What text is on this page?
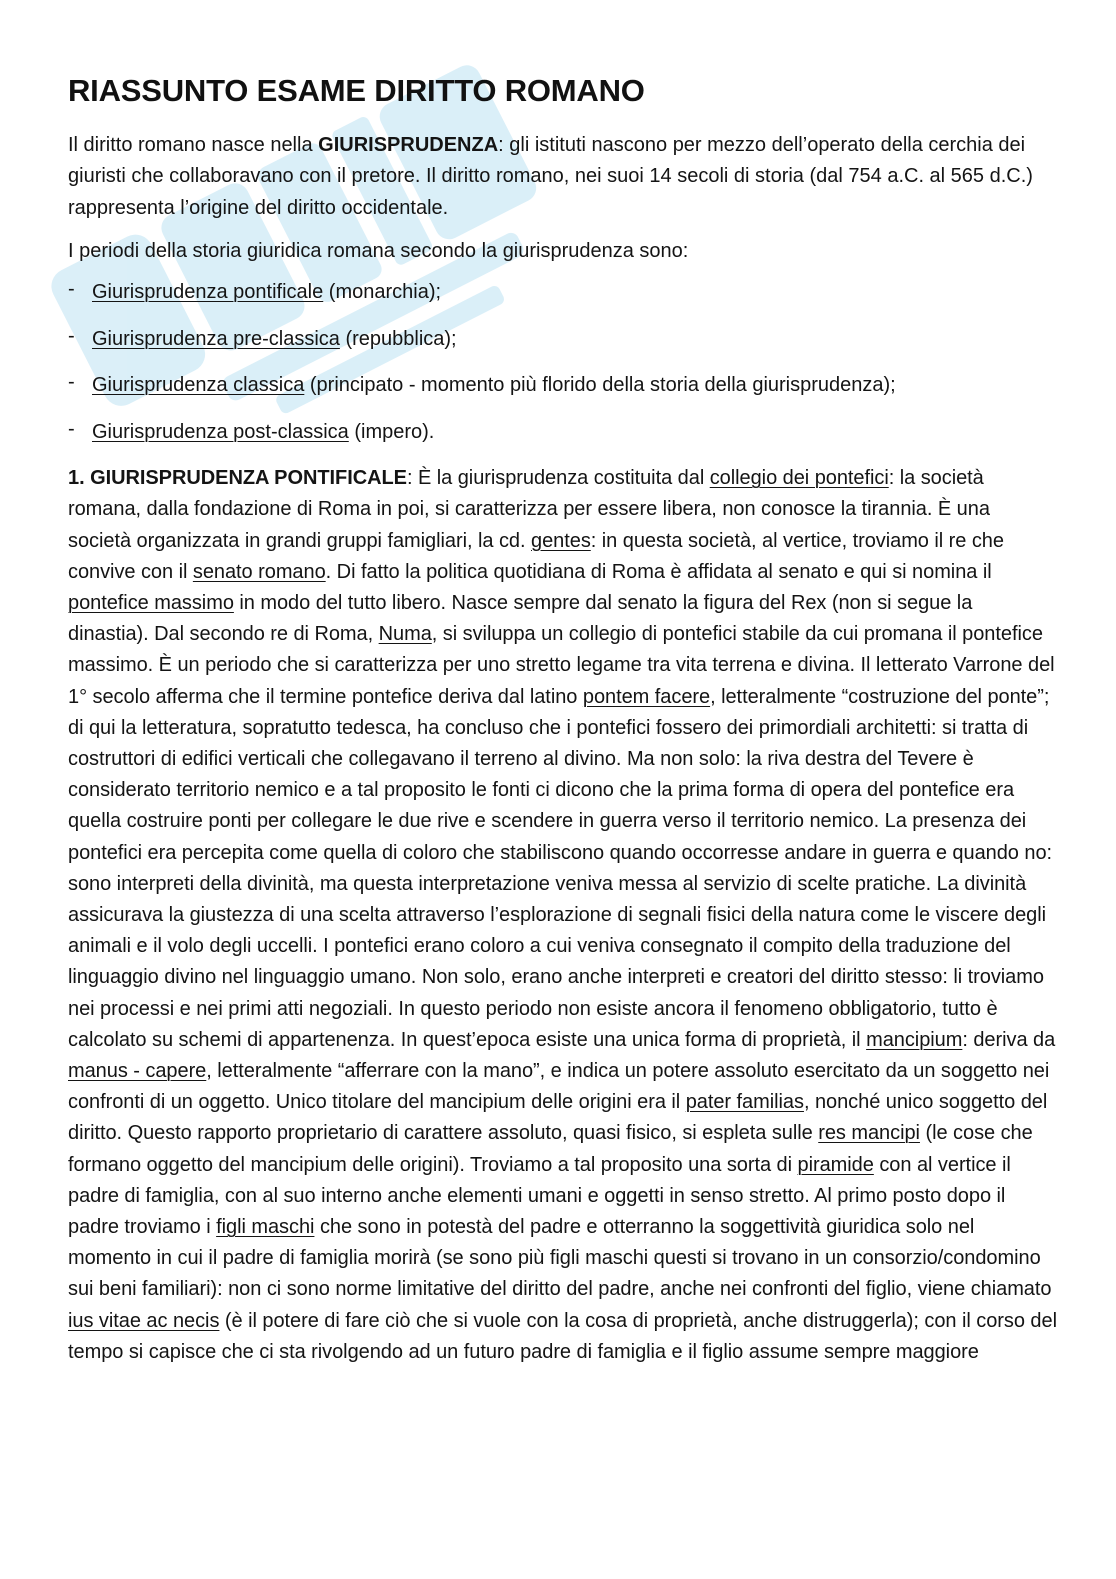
RIASSUNTO ESAME DIRITTO ROMANO

Il diritto romano nasce nella GIURISPRUDENZA: gli istituti nascono per mezzo dell’operato della cerchia dei giuristi che collaboravano con il pretore. Il diritto romano, nei suoi 14 secoli di storia (dal 754 a.C. al 565 d.C.) rappresenta l’origine del diritto occidentale.

I periodi della storia giuridica romana secondo la giurisprudenza sono:

- Giurisprudenza pontificale (monarchia);
- Giurisprudenza pre-classica (repubblica);
- Giurisprudenza classica (principato - momento più florido della storia della giurisprudenza);
- Giurisprudenza post-classica (impero).

1. GIURISPRUDENZA PONTIFICALE: È la giurisprudenza costituita dal collegio dei pontefici: la società romana, dalla fondazione di Roma in poi, si caratterizza per essere libera, non conosce la tirannia. È una società organizzata in grandi gruppi famigliari, la cd. gentes: in questa società, al vertice, troviamo il re che convive con il senato romano. Di fatto la politica quotidiana di Roma è affidata al senato e qui si nomina il pontefice massimo in modo del tutto libero. Nasce sempre dal senato la figura del Rex (non si segue la dinastia). Dal secondo re di Roma, Numa, si sviluppa un collegio di pontefici stabile da cui promana il pontefice massimo. È un periodo che si caratterizza per uno stretto legame tra vita terrena e divina. Il letterato Varrone del 1° secolo afferma che il termine pontefice deriva dal latino pontem facere, letteralmente “costruzione del ponte”; di qui la letteratura, sopratutto tedesca, ha concluso che i pontefici fossero dei primordiali architetti: si tratta di costruttori di edifici verticali che collegavano il terreno al divino. Ma non solo: la riva destra del Tevere è considerato territorio nemico e a tal proposito le fonti ci dicono che la prima forma di opera del pontefice era quella costruire ponti per collegare le due rive e scendere in guerra verso il territorio nemico. La presenza dei pontefici era percepita come quella di coloro che stabiliscono quando occorresse andare in guerra e quando no: sono interpreti della divinità, ma questa interpretazione veniva messa al servizio di scelte pratiche. La divinità assicurava la giustezza di una scelta attraverso l’esplorazione di segnali fisici della natura come le viscere degli animali e il volo degli uccelli. I pontefici erano coloro a cui veniva consegnato il compito della traduzione del linguaggio divino nel linguaggio umano. Non solo, erano anche interpreti e creatori del diritto stesso: li troviamo nei processi e nei primi atti negoziali. In questo periodo non esiste ancora il fenomeno obbligatorio, tutto è calcolato su schemi di appartenenza. In quest’epoca esiste una unica forma di proprietà, il mancipium: deriva da manus - capere, letteralmente “afferrare con la mano”, e indica un potere assoluto esercitato da un soggetto nei confronti di un oggetto. Unico titolare del mancipium delle origini era il pater familias, nonché unico soggetto del diritto. Questo rapporto proprietario di carattere assoluto, quasi fisico, si espleta sulle res mancipi (le cose che formano oggetto del mancipium delle origini). Troviamo a tal proposito una sorta di piramide con al vertice il padre di famiglia, con al suo interno anche elementi umani e oggetti in senso stretto. Al primo posto dopo il padre troviamo i figli maschi che sono in potestà del padre e otterranno la soggettività giuridica solo nel momento in cui il padre di famiglia morirà (se sono più figli maschi questi si trovano in un consorzio/condomino sui beni familiari): non ci sono norme limitative del diritto del padre, anche nei confronti del figlio, viene chiamato ius vitae ac necis (è il potere di fare ciò che si vuole con la cosa di proprietà, anche distruggerla); con il corso del tempo si capisce che ci sta rivolgendo ad un futuro padre di famiglia e il figlio assume sempre maggiore
